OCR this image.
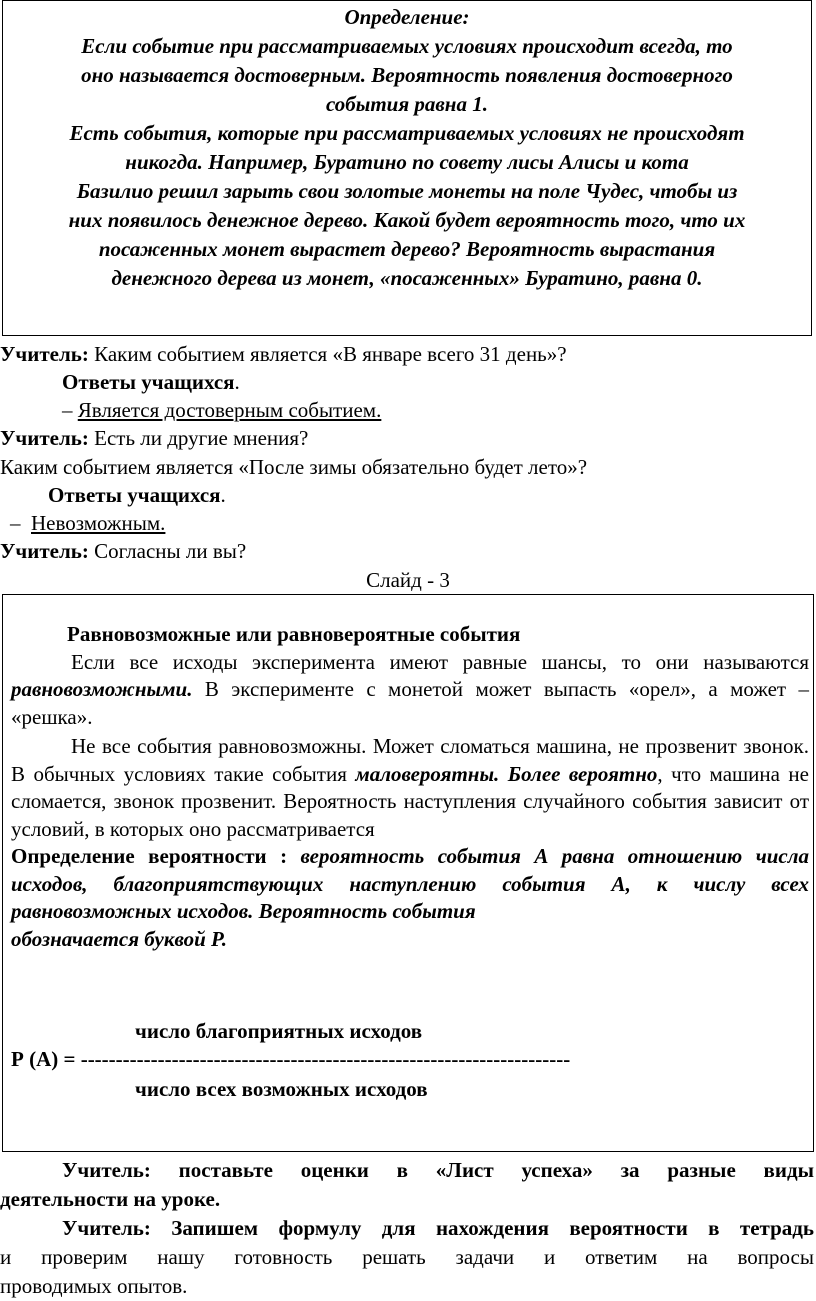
Определение:

Если событие при рассматриваемых условиях происходит всегда, то

оно называется достоверным. Вероятность появления достоверного

события равна 1.

Есть события, которые при рассматриваемых условиях не происходят

никогда. Например, Буратино по совету лисы Алисы и кота

Базилио решил зарыть свои золотые монеты на поле Чудес, чтобы из

них появилось денежное дерево. Какой будет вероятность того, что их

посаженных монет вырастет дерево? Вероятность вырастания

денежного дерева из монет, «посаженных» Буратино, равна 0.

Учитель: Каким событием является «В январе всего 31 день»?
Ответы учащихся.
– Является достоверным событием.
Учитель: Есть ли другие мнения?
Каким событием является «После зимы обязательно будет лето»?
Ответы учащихся.
– Невозможным.
Учитель: Согласны ли вы?
Слайд - 3

Равновозможные или равновероятные события

Если все исходы эксперимента имеют равные шансы, то они называются равновозможными. В эксперименте с монетой может выпасть «орел», а может – «решка».

Не все события равновозможны. Может сломаться машина, не прозвенит звонок. В обычных условиях такие события маловероятны. Более вероятно, что машина не сломается, звонок прозвенит. Вероятность наступления случайного события зависит от условий, в которых оно рассматривается

Определение вероятности : вероятность события А равна отношению числа исходов, благоприятствующих наступлению события А, к числу всех равновозможных исходов. Вероятность события
обозначается буквой Р.

число благоприятных исходов
Р (А) = ----------------------------------------------------------------------
число всех возможных исходов

Учитель: поставьте оценки в «Лист успеха» за разные виды

деятельности на уроке.

Учитель: Запишем формулу для нахождения вероятности в тетрадь

и проверим нашу готовность решать задачи и ответим на вопросы

проводимых опытов.
